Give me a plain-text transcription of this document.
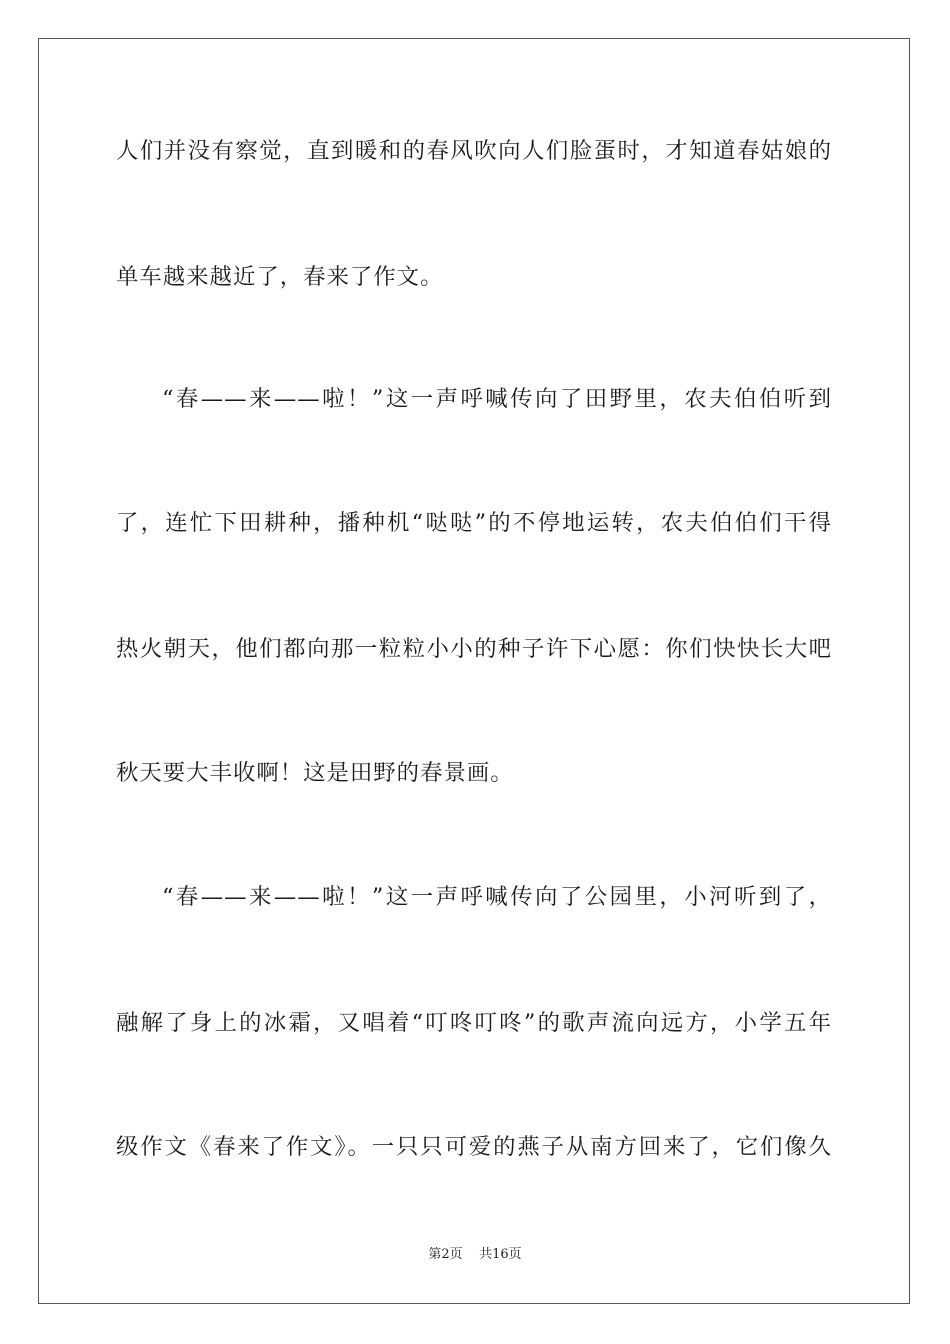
人们并没有察觉，直到暖和的春风吹向人们脸蛋时，才知道春姑娘的
单车越来越近了，春来了作文。
“春——来——啦！”这一声呼喊传向了田野里，农夫伯伯听到
了，连忙下田耕种，播种机“哒哒”的不停地运转，农夫伯伯们干得
热火朝天，他们都向那一粒粒小小的种子许下心愿：你们快快长大吧
秋天要大丰收啊！这是田野的春景画。
“春——来——啦！”这一声呼喊传向了公园里，小河听到了，
融解了身上的冰霜，又唱着“叮咚叮咚”的歌声流向远方，小学五年
级作文《春来了作文》。一只只可爱的燕子从南方回来了，它们像久
第2页    共16页
